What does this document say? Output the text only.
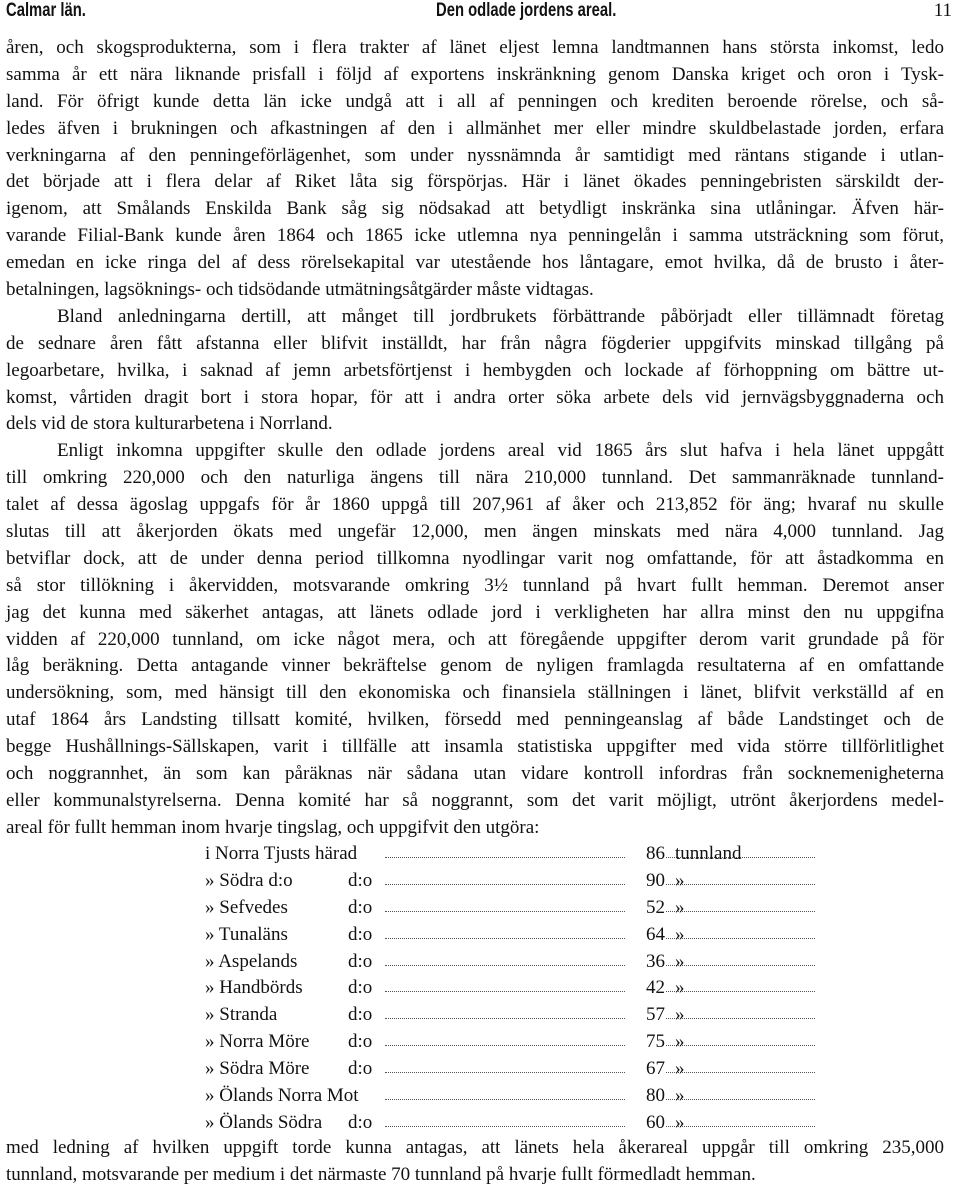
Calmar län.	Den odlade jordens areal.	11
åren, och skogsprodukterna, som i flera trakter af länet eljest lemna landtmannen hans största inkomst, ledo
samma år ett nära liknande prisfall i följd af exportens inskränkning genom Danska kriget och oron i Tysk-
land. För öfrigt kunde detta län icke undgå att i all af penningen och krediten beroende rörelse, och så-
ledes äfven i brukningen och afkastningen af den i allmänhet mer eller mindre skuldbelastade jorden, erfara
verkningarna af den penningeförlägenhet, som under nyssnämnda år samtidigt med räntans stigande i utlan-
det började att i flera delar af Riket låta sig förspörjas. Här i länet ökades penningebristen särskildt der-
igenom, att Smålands Enskilda Bank såg sig nödsakad att betydligt inskränka sina utlåningar. Äfven här-
varande Filial-Bank kunde åren 1864 och 1865 icke utlemna nya penningelån i samma utsträckning som förut,
emedan en icke ringa del af dess rörelsekapital var utestående hos låntagare, emot hvilka, då de brusto i åter-
betalningen, lagsöknings- och tidsödande utmätningsåtgärder måste vidtagas.
Bland anledningarna dertill, att månget till jordbrukets förbättrande påbörjadt eller tillämnadt företag
de sednare åren fått afstanna eller blifvit inställdt, har från några fögderier uppgifvits minskad tillgång på
legoarbetare, hvilka, i saknad af jemn arbetsförtjenst i hembygden och lockade af förhoppning om bättre ut-
komst, vårtiden dragit bort i stora hopar, för att i andra orter söka arbete dels vid jernvägsbyggnaderna och
dels vid de stora kulturarbetena i Norrland.
Enligt inkomna uppgifter skulle den odlade jordens areal vid 1865 års slut hafva i hela länet uppgått
till omkring 220,000 och den naturliga ängens till nära 210,000 tunnland. Det sammanräknade tunnland-
talet af dessa ägoslag uppgafs för år 1860 uppgå till 207,961 af åker och 213,852 för äng; hvaraf nu skulle
slutas till att åkerjorden ökats med ungefär 12,000, men ängen minskats med nära 4,000 tunnland. Jag
betviflar dock, att de under denna period tillkomna nyodlingar varit nog omfattande, för att åstadkomma en
så stor tillökning i åkervidden, motsvarande omkring 3½ tunnland på hvart fullt hemman. Deremot anser
jag det kunna med säkerhet antagas, att länets odlade jord i verkligheten har allra minst den nu uppgifna
vidden af 220,000 tunnland, om icke något mera, och att föregående uppgifter derom varit grundade på för
låg beräkning. Detta antagande vinner bekräftelse genom de nyligen framlagda resultaterna af en omfattande
undersökning, som, med hänsigt till den ekonomiska och finansiela ställningen i länet, blifvit verkställd af en
utaf 1864 års Landsting tillsatt komité, hvilken, försedd med penningeanslag af både Landstinget och de
begge Hushållnings-Sällskapen, varit i tillfälle att insamla statistiska uppgifter med vida större tillförlitlighet
och noggrannhet, än som kan påräknas när sådana utan vidare kontroll infordras från socknemenigheterna
eller kommunalstyrelserna. Denna komité har så noggrannt, som det varit möjligt, utrönt åkerjordens medel-
areal för fullt hemman inom hvarje tingslag, och uppgifvit den utgöra:
i Norra Tjusts härad	86 tunnland
» Södra d:o	d:o	90 »
» Sefvedes	d:o	52 »
» Tunaläns	d:o	64 »
» Aspelands	d:o	36 »
» Handbörds d:o	42 »
» Stranda	d:o	57 »
» Norra Möre d:o	75 »
» Södra Möre d:o	67 »
» Ölands Norra Mot	80 »
» Ölands Södra d:o	60 »
med ledning af hvilken uppgift torde kunna antagas, att länets hela åkerareal uppgår till omkring 235,000
tunnland, motsvarande per medium i det närmaste 70 tunnland på hvarje fullt förmedladt hemman.
